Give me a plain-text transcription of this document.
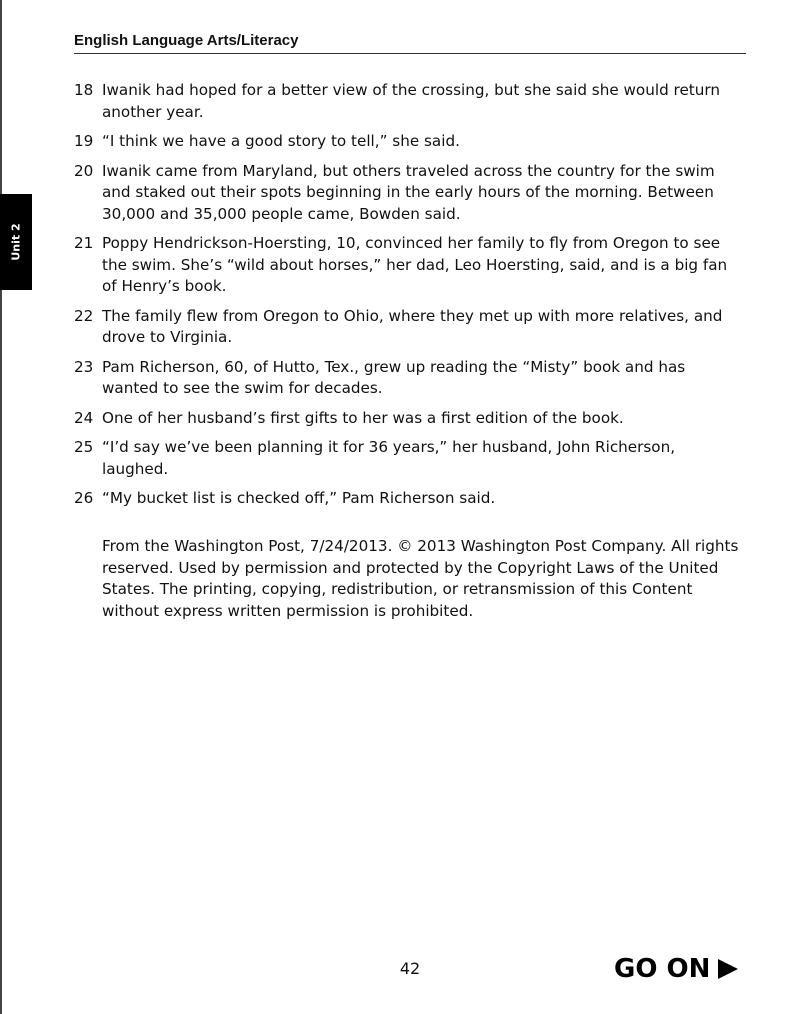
Unit 2
English Language Arts/Literacy
18 Iwanik had hoped for a better view of the crossing, but she said she would return another year.
19 “I think we have a good story to tell,” she said.
20 Iwanik came from Maryland, but others traveled across the country for the swim and staked out their spots beginning in the early hours of the morning. Between 30,000 and 35,000 people came, Bowden said.
21 Poppy Hendrickson-Hoersting, 10, convinced her family to fly from Oregon to see the swim. She’s “wild about horses,” her dad, Leo Hoersting, said, and is a big fan of Henry’s book.
22 The family flew from Oregon to Ohio, where they met up with more relatives, and drove to Virginia.
23 Pam Richerson, 60, of Hutto, Tex., grew up reading the “Misty” book and has wanted to see the swim for decades.
24 One of her husband’s first gifts to her was a first edition of the book.
25 “I’d say we’ve been planning it for 36 years,” her husband, John Richerson, laughed.
26 “My bucket list is checked off,” Pam Richerson said.

From the Washington Post, 7/24/2013. © 2013 Washington Post Company. All rights reserved. Used by permission and protected by the Copyright Laws of the United States. The printing, copying, redistribution, or retransmission of this Content without express written permission is prohibited.

42	GO ON
